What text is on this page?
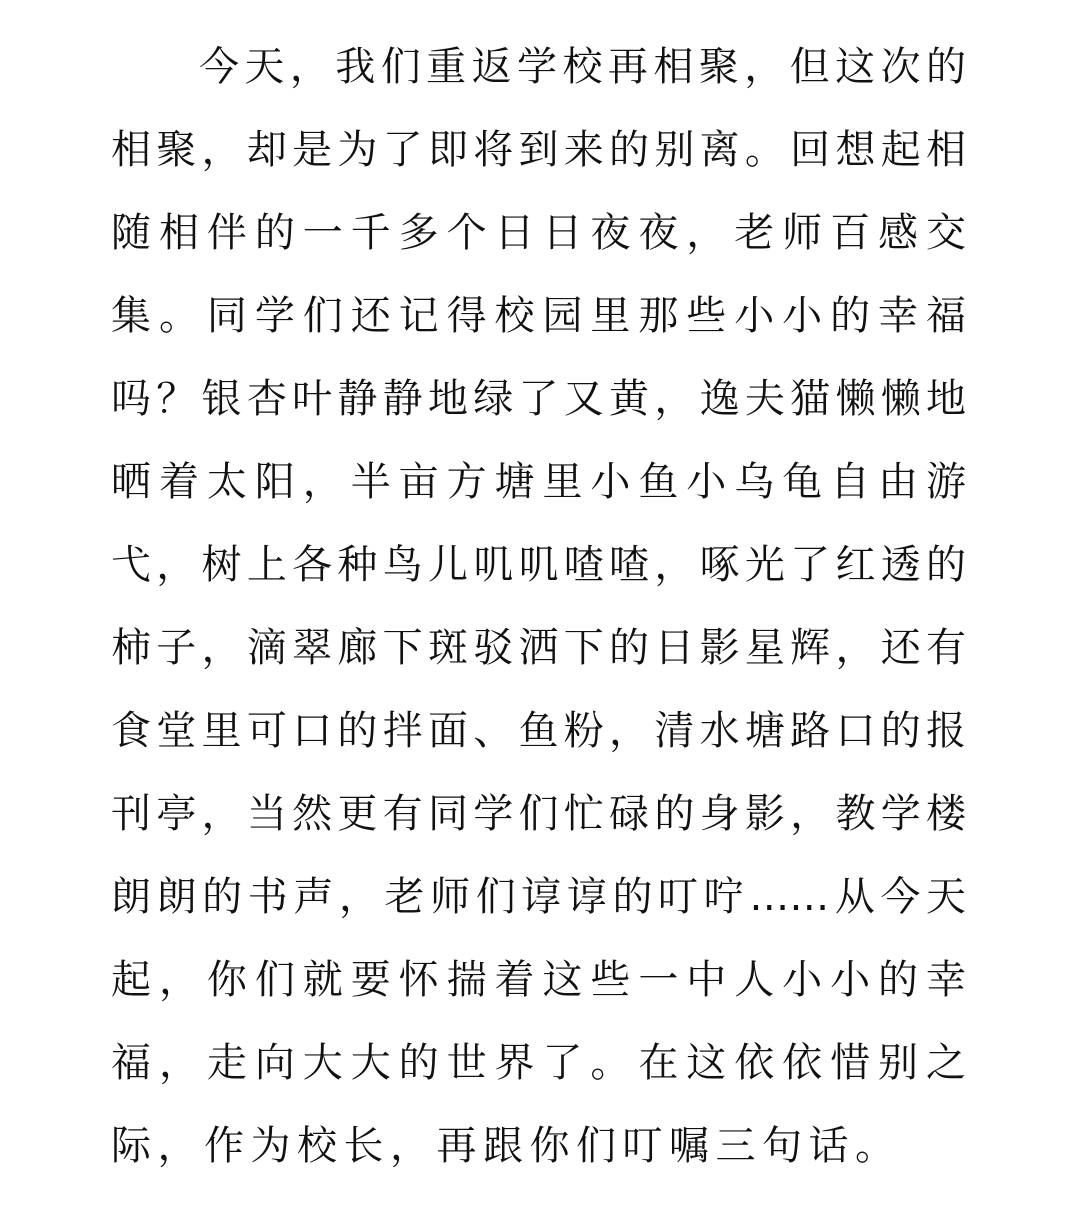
今天，我们重返学校再相聚，但这次的
相聚，却是为了即将到来的别离。回想起相
随相伴的一千多个日日夜夜，老师百感交
集。同学们还记得校园里那些小小的幸福
吗？银杏叶静静地绿了又黄，逸夫猫懒懒地
晒着太阳，半亩方塘里小鱼小乌龟自由游
弋，树上各种鸟儿叽叽喳喳，啄光了红透的
柿子，滴翠廊下斑驳洒下的日影星辉，还有
食堂里可口的拌面、鱼粉，清水塘路口的报
刊亭，当然更有同学们忙碌的身影，教学楼
朗朗的书声，老师们谆谆的叮咛……从今天
起，你们就要怀揣着这些一中人小小的幸
福，走向大大的世界了。在这依依惜别之
际，作为校长，再跟你们叮嘱三句话。
